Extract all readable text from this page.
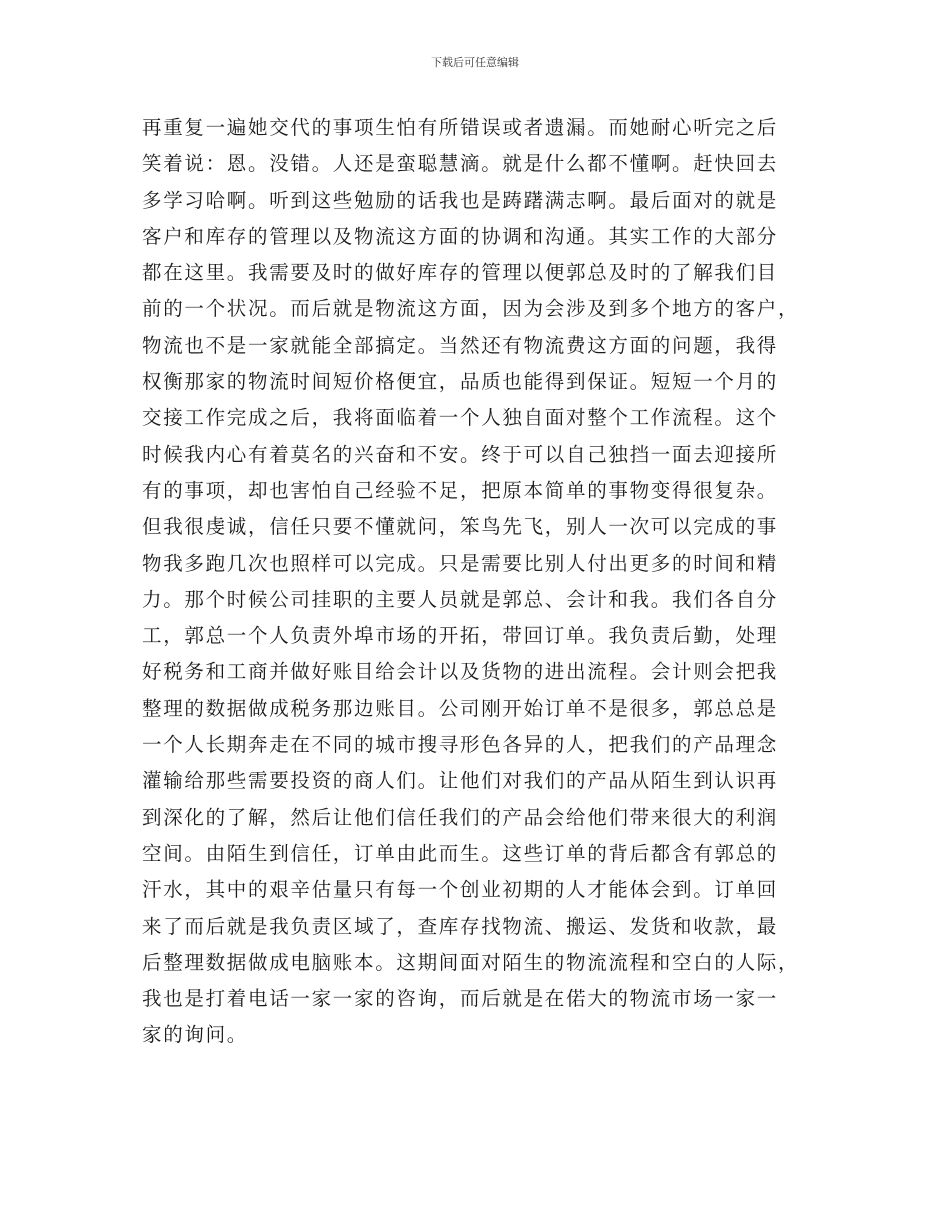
下载后可任意编辑
再重复一遍她交代的事项生怕有所错误或者遗漏。而她耐心听完之后
笑着说：恩。没错。人还是蛮聪慧滴。就是什么都不懂啊。赶快回去
多学习哈啊。听到这些勉励的话我也是踌躇满志啊。最后面对的就是
客户和库存的管理以及物流这方面的协调和沟通。其实工作的大部分
都在这里。我需要及时的做好库存的管理以便郭总及时的了解我们目
前的一个状况。而后就是物流这方面，因为会涉及到多个地方的客户，
物流也不是一家就能全部搞定。当然还有物流费这方面的问题，我得
权衡那家的物流时间短价格便宜，品质也能得到保证。短短一个月的
交接工作完成之后，我将面临着一个人独自面对整个工作流程。这个
时候我内心有着莫名的兴奋和不安。终于可以自己独挡一面去迎接所
有的事项，却也害怕自己经验不足，把原本简单的事物变得很复杂。
但我很虔诚，信任只要不懂就问，笨鸟先飞，别人一次可以完成的事
物我多跑几次也照样可以完成。只是需要比别人付出更多的时间和精
力。那个时候公司挂职的主要人员就是郭总、会计和我。我们各自分
工，郭总一个人负责外埠市场的开拓，带回订单。我负责后勤，处理
好税务和工商并做好账目给会计以及货物的进出流程。会计则会把我
整理的数据做成税务那边账目。公司刚开始订单不是很多，郭总总是
一个人长期奔走在不同的城市搜寻形色各异的人，把我们的产品理念
灌输给那些需要投资的商人们。让他们对我们的产品从陌生到认识再
到深化的了解，然后让他们信任我们的产品会给他们带来很大的利润
空间。由陌生到信任，订单由此而生。这些订单的背后都含有郭总的
汗水，其中的艰辛估量只有每一个创业初期的人才能体会到。订单回
来了而后就是我负责区域了，查库存找物流、搬运、发货和收款，最
后整理数据做成电脑账本。这期间面对陌生的物流流程和空白的人际，
我也是打着电话一家一家的咨询，而后就是在偌大的物流市场一家一
家的询问。
